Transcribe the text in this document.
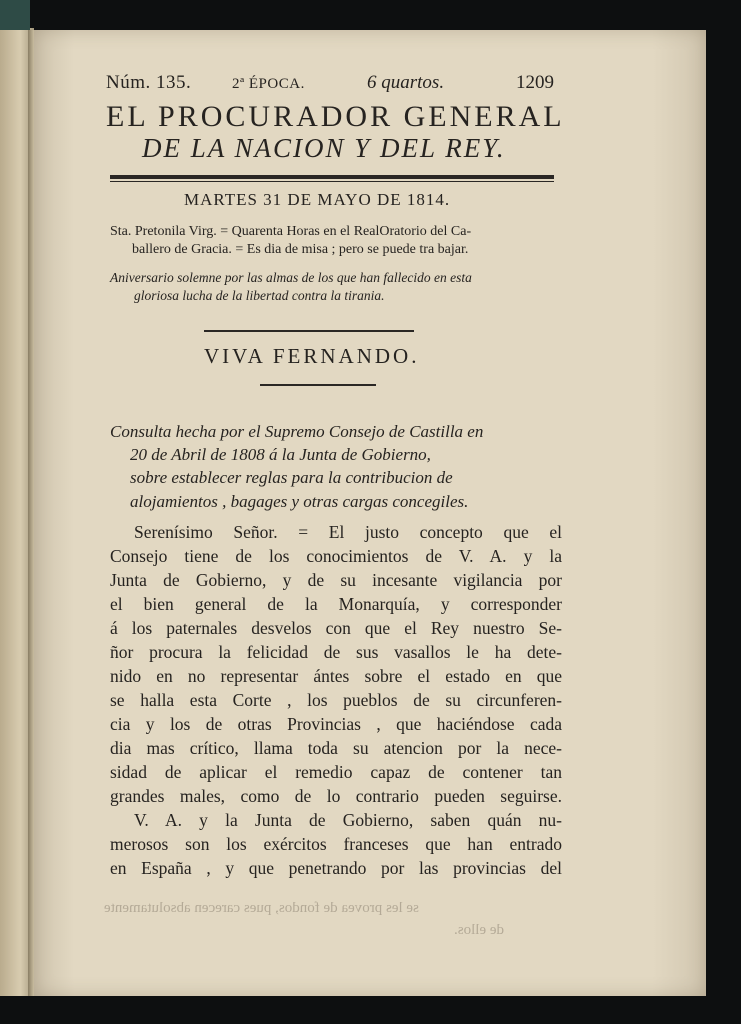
Núm. 135.	2ª ÉPOCA.	6 quartos.	1209
EL PROCURADOR GENERAL
DE LA NACION Y DEL REY.
MARTES 31 DE MAYO DE 1814.
Sta. Pretonila Virg. = Quarenta Horas en el RealOratorio del Ca-
ballero de Gracia. = Es dia de misa ; pero se puede tra bajar.
Aniversario solemne por las almas de los que han fallecido en esta
gloriosa lucha de la libertad contra la tirania.
VIVA FERNANDO.
Consulta hecha por el Supremo Consejo de Castilla en
20 de Abril de 1808 á la Junta de Gobierno,
sobre establecer reglas para la contribucion de
alojamientos , bagages y otras cargas concegiles.
Serenísimo Señor. = El justo concepto que el
Consejo tiene de los conocimientos de V. A. y la
Junta de Gobierno, y de su incesante vigilancia por
el bien general de la Monarquía, y corresponder
á los paternales desvelos con que el Rey nuestro Se-
ñor procura la felicidad de sus vasallos le ha dete-
nido en no representar ántes sobre el estado en que
se halla esta Corte , los pueblos de su circunferen-
cia y los de otras Provincias , que haciéndose cada
dia mas crítico, llama toda su atencion por la nece-
sidad de aplicar el remedio capaz de contener tan
grandes males, como de lo contrario pueden seguirse.
V. A. y la Junta de Gobierno, saben quán nu-
merosos son los exércitos franceses que han entrado
en España , y que penetrando por las provincias del
se les provea de fondos, pues carecen absolutamente
de ellos.
